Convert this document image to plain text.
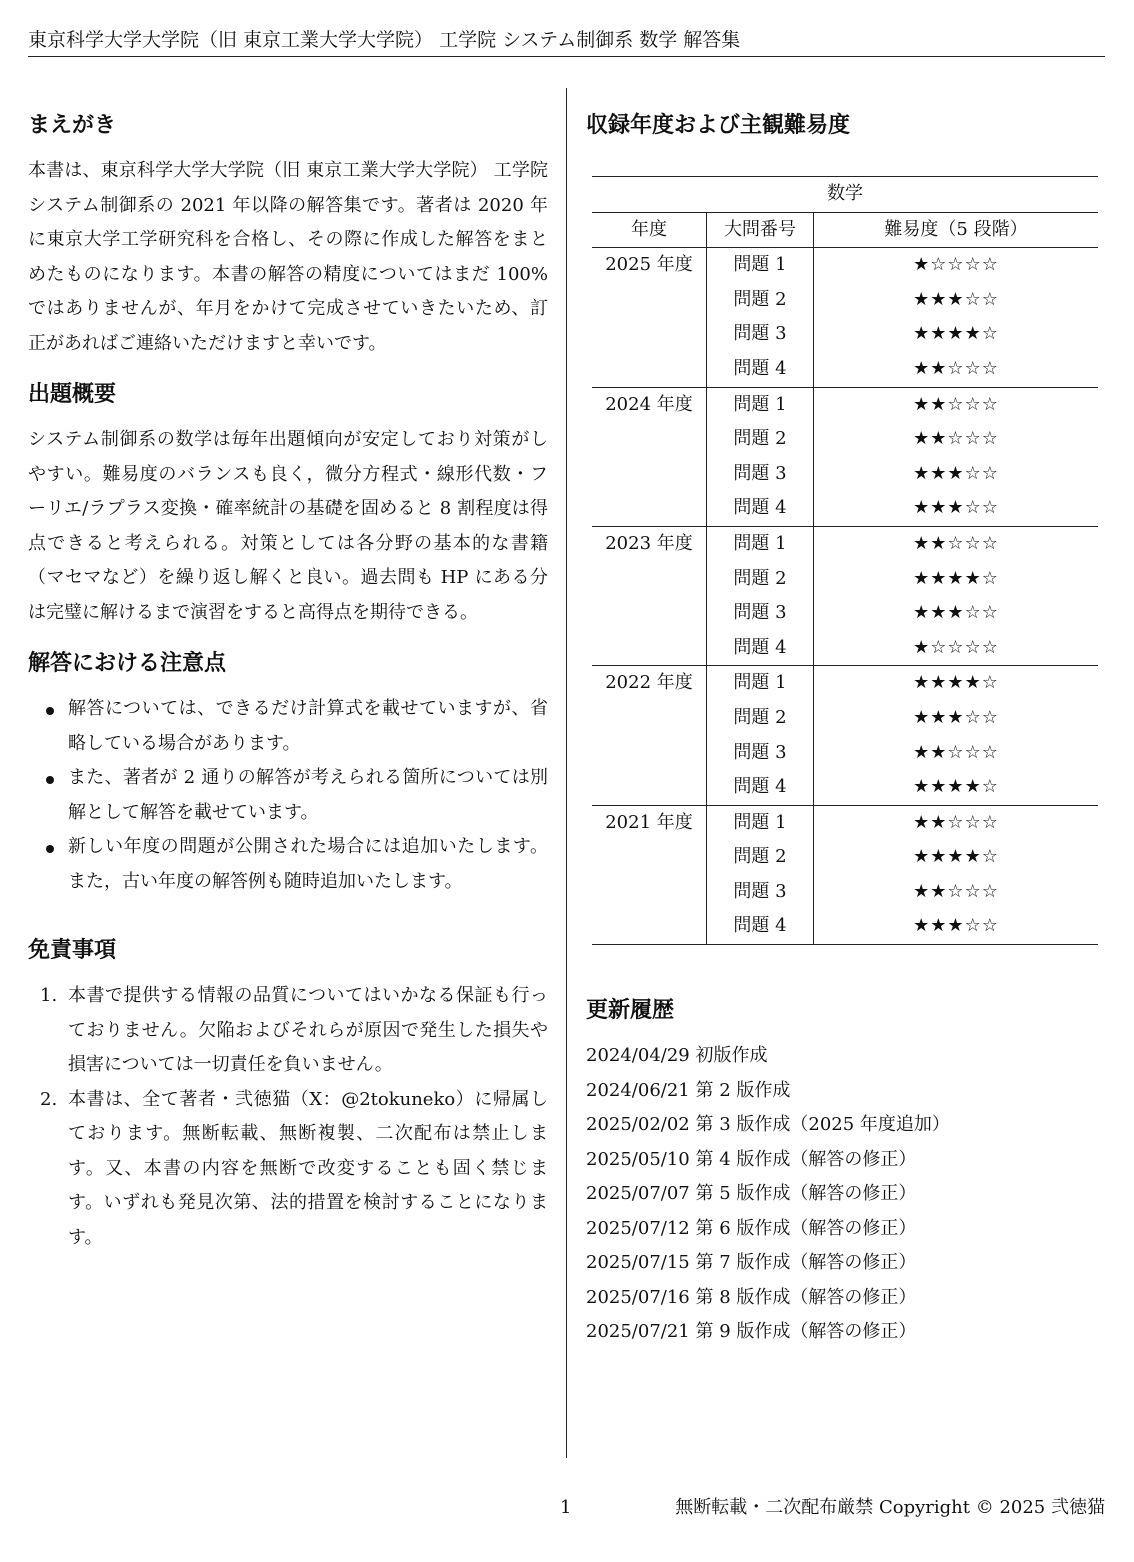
東京科学大学大学院（旧 東京工業大学大学院） 工学院 システム制御系 数学 解答集
まえがき

本書は、東京科学大学大学院（旧 東京工業大学大学院） 工学院 システム制御系の 2021 年以降の解答集です。著者は 2020 年に東京大学工学研究科を合格し、その際に作成した解答をまとめたものになります。本書の解答の精度についてはまだ 100% ではありませんが、年月をかけて完成させていきたいため、訂正があればご連絡いただけますと幸いです。

出題概要

システム制御系の数学は毎年出題傾向が安定しており対策がしやすい。難易度のバランスも良く，微分方程式・線形代数・フーリエ/ラプラス変換・確率統計の基礎を固めると 8 割程度は得点できると考えられる。対策としては各分野の基本的な書籍（マセマなど）を繰り返し解くと良い。過去問も HP にある分は完璧に解けるまで演習をすると高得点を期待できる。

解答における注意点
解答については、できるだけ計算式を載せていますが、省略している場合があります。
また、著者が 2 通りの解答が考えられる箇所については別解として解答を載せています。
新しい年度の問題が公開された場合には追加いたします。また，古い年度の解答例も随時追加いたします。
免責事項
1. 本書で提供する情報の品質についてはいかなる保証も行っておりません。欠陥およびそれらが原因で発生した損失や損害については一切責任を負いません。
2. 本書は、全て著者・弐徳猫（X：@2tokuneko）に帰属しております。無断転載、無断複製、二次配布は禁止します。又、本書の内容を無断で改変することも固く禁じます。いずれも発見次第、法的措置を検討することになります。
収録年度および主観難易度
数学		
年度	大問番号	難易度（5 段階）
2025 年度	問題 1	★☆☆☆☆
	問題 2	★★★☆☆
	問題 3	★★★★☆
	問題 4	★★☆☆☆
2024 年度	問題 1	★★☆☆☆
	問題 2	★★☆☆☆
	問題 3	★★★☆☆
	問題 4	★★★☆☆
2023 年度	問題 1	★★☆☆☆
	問題 2	★★★★☆
	問題 3	★★★☆☆
	問題 4	★☆☆☆☆
2022 年度	問題 1	★★★★☆
	問題 2	★★★☆☆
	問題 3	★★☆☆☆
	問題 4	★★★★☆
2021 年度	問題 1	★★☆☆☆
	問題 2	★★★★☆
	問題 3	★★☆☆☆
	問題 4	★★★☆☆
更新履歴
2024/04/29 初版作成
2024/06/21 第 2 版作成
2025/02/02 第 3 版作成（2025 年度追加）
2025/05/10 第 4 版作成（解答の修正）
2025/07/07 第 5 版作成（解答の修正）
2025/07/12 第 6 版作成（解答の修正）
2025/07/15 第 7 版作成（解答の修正）
2025/07/16 第 8 版作成（解答の修正）
2025/07/21 第 9 版作成（解答の修正）
1	無断転載・二次配布厳禁 Copyright © 2025 弐徳猫
